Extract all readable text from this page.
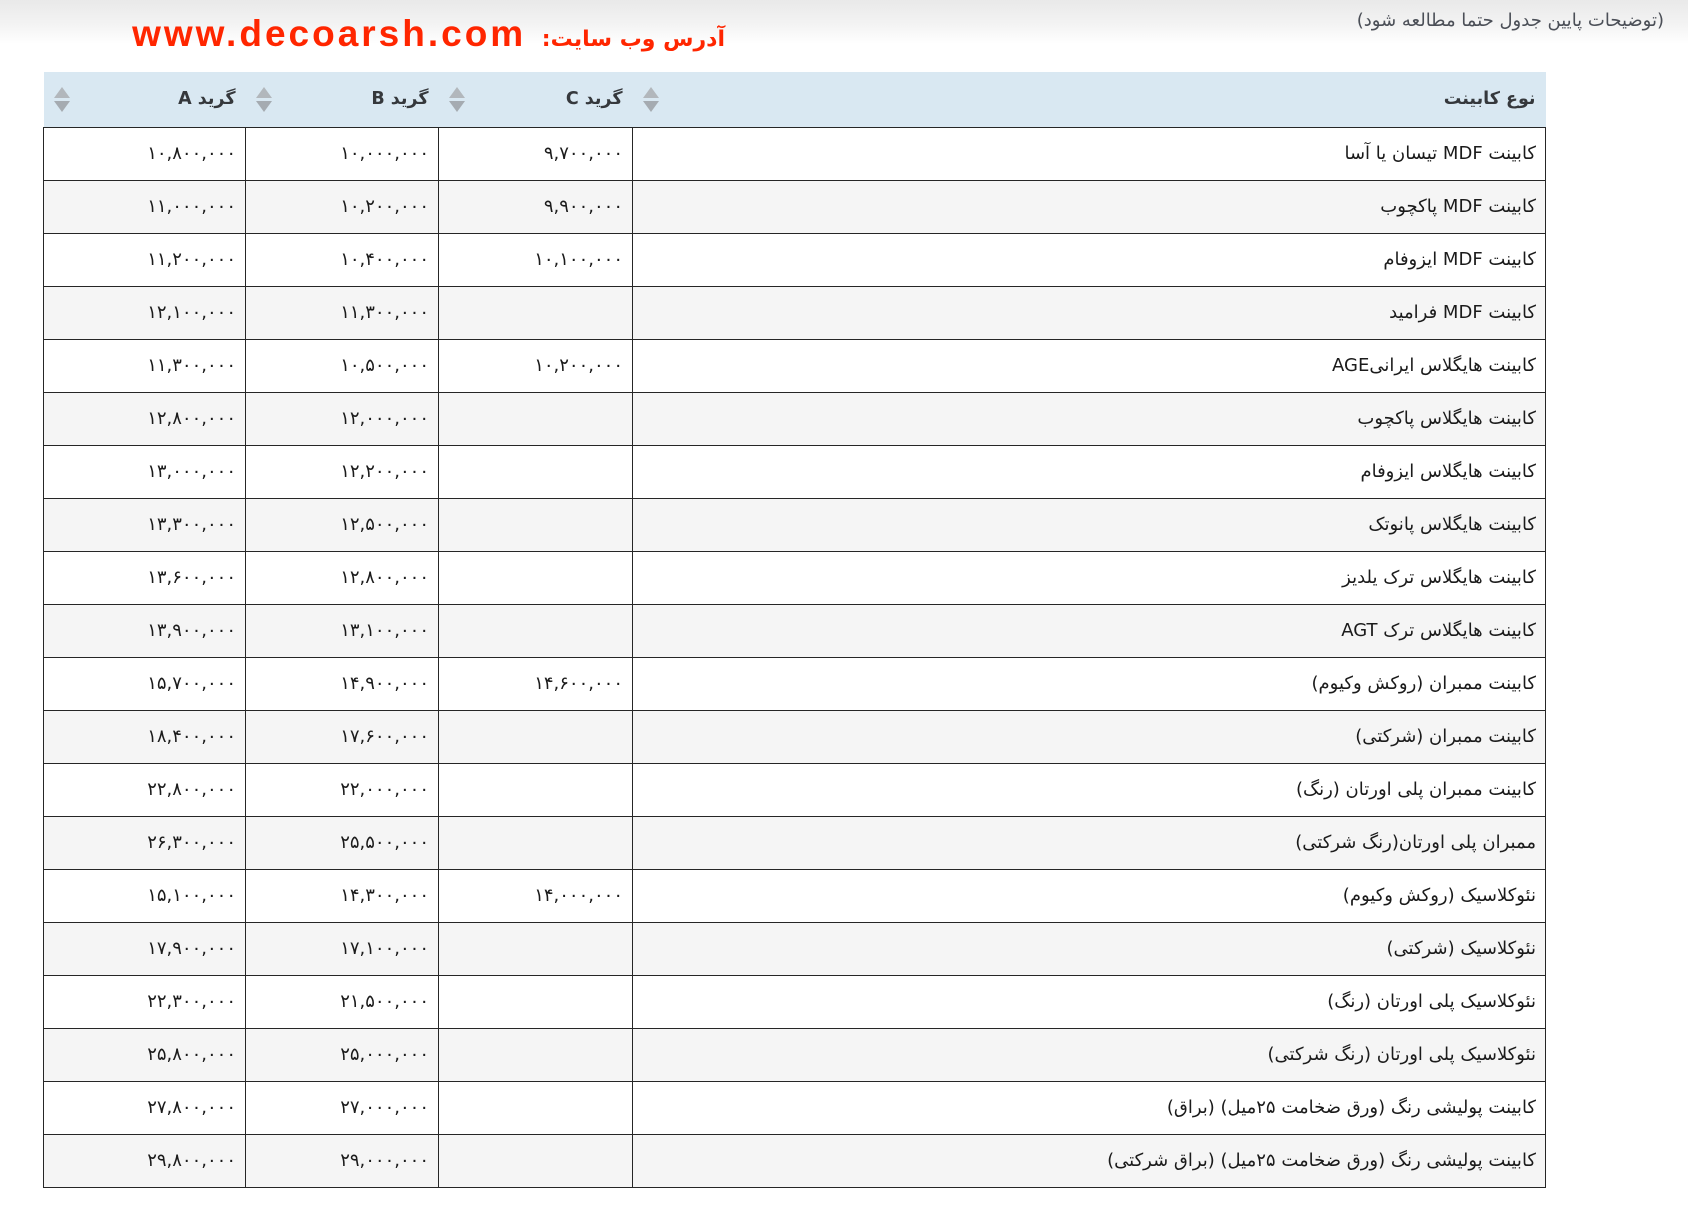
(توضیحات پایین جدول حتما مطالعه شود)
آدرس وب سایت: www.decoarsh.com
نوع کابینت	گرید C	گرید B	گرید A

کابینت MDF تیسان یا آسا	۹,۷۰۰,۰۰۰	۱۰,۰۰۰,۰۰۰	۱۰,۸۰۰,۰۰۰
کابینت MDF پاکچوب	۹,۹۰۰,۰۰۰	۱۰,۲۰۰,۰۰۰	۱۱,۰۰۰,۰۰۰
کابینت MDF ایزوفام	۱۰,۱۰۰,۰۰۰	۱۰,۴۰۰,۰۰۰	۱۱,۲۰۰,۰۰۰
کابینت MDF فرامید		۱۱,۳۰۰,۰۰۰	۱۲,۱۰۰,۰۰۰
کابینت هایگلاس ایرانیAGE	۱۰,۲۰۰,۰۰۰	۱۰,۵۰۰,۰۰۰	۱۱,۳۰۰,۰۰۰
کابینت هایگلاس پاکچوب		۱۲,۰۰۰,۰۰۰	۱۲,۸۰۰,۰۰۰
کابینت هایگلاس ایزوفام		۱۲,۲۰۰,۰۰۰	۱۳,۰۰۰,۰۰۰
کابینت هایگلاس پانوتک		۱۲,۵۰۰,۰۰۰	۱۳,۳۰۰,۰۰۰
کابینت هایگلاس ترک یلدیز		۱۲,۸۰۰,۰۰۰	۱۳,۶۰۰,۰۰۰
کابینت هایگلاس ترک AGT		۱۳,۱۰۰,۰۰۰	۱۳,۹۰۰,۰۰۰
کابینت ممبران (روکش وکیوم)	۱۴,۶۰۰,۰۰۰	۱۴,۹۰۰,۰۰۰	۱۵,۷۰۰,۰۰۰
کابینت ممبران (شرکتی)		۱۷,۶۰۰,۰۰۰	۱۸,۴۰۰,۰۰۰
کابینت ممبران پلی اورتان (رنگ)		۲۲,۰۰۰,۰۰۰	۲۲,۸۰۰,۰۰۰
ممبران پلی اورتان(رنگ شرکتی)		۲۵,۵۰۰,۰۰۰	۲۶,۳۰۰,۰۰۰
نئوکلاسیک (روکش وکیوم)	۱۴,۰۰۰,۰۰۰	۱۴,۳۰۰,۰۰۰	۱۵,۱۰۰,۰۰۰
نئوکلاسیک (شرکتی)		۱۷,۱۰۰,۰۰۰	۱۷,۹۰۰,۰۰۰
نئوکلاسیک پلی اورتان (رنگ)		۲۱,۵۰۰,۰۰۰	۲۲,۳۰۰,۰۰۰
نئوکلاسیک پلی اورتان (رنگ شرکتی)		۲۵,۰۰۰,۰۰۰	۲۵,۸۰۰,۰۰۰
کابینت پولیشی رنگ (ورق ضخامت ۲۵میل) (براق)		۲۷,۰۰۰,۰۰۰	۲۷,۸۰۰,۰۰۰
کابینت پولیشی رنگ (ورق ضخامت ۲۵میل) (براق شرکتی)		۲۹,۰۰۰,۰۰۰	۲۹,۸۰۰,۰۰۰
